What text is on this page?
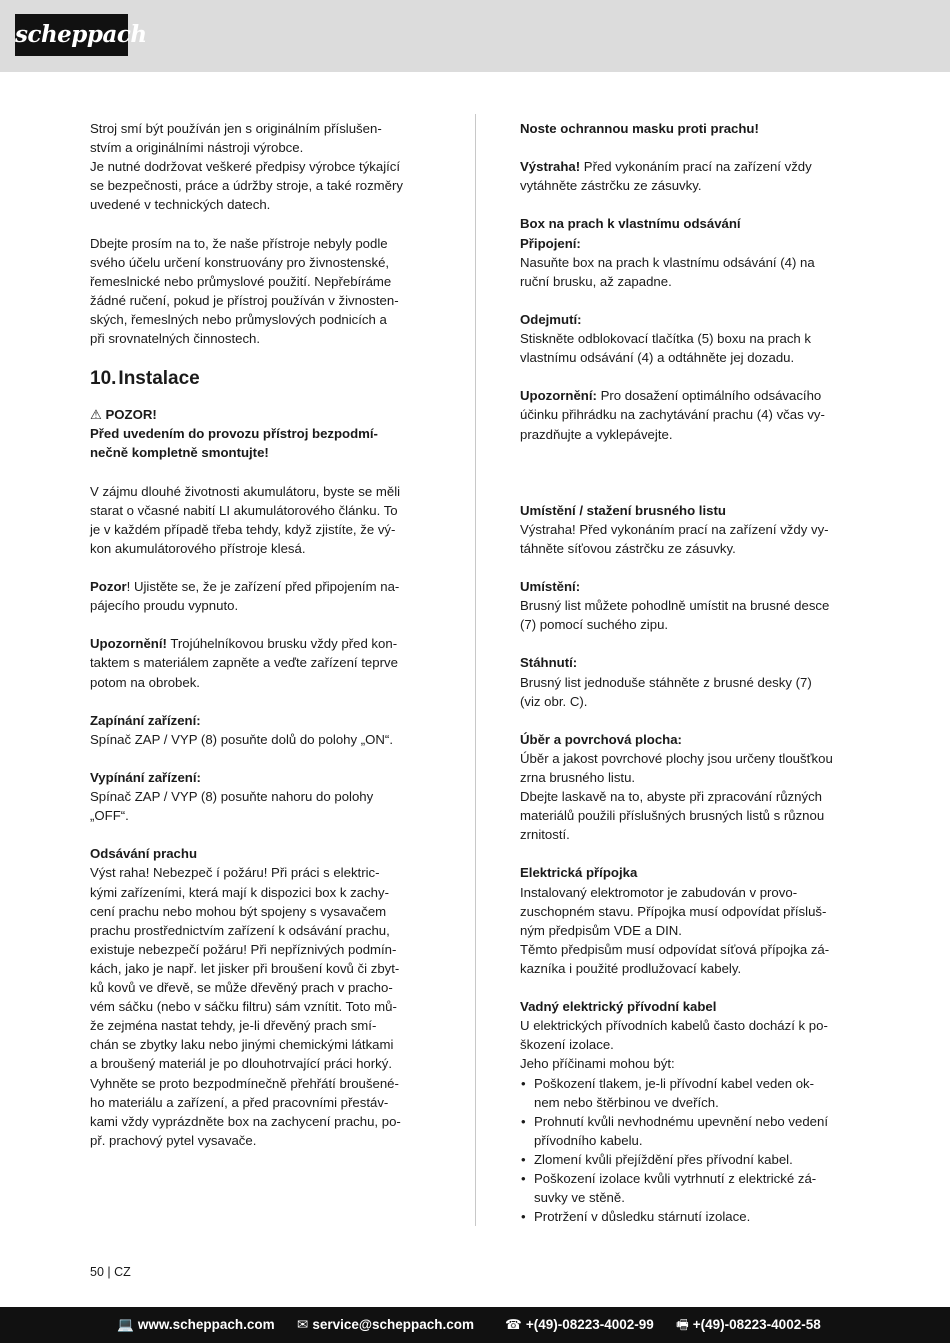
scheppach

Stroj smí být používán jen s originálním příslušen-
stvím a originálními nástroji výrobce.
Je nutné dodržovat veškeré předpisy výrobce týkající
se bezpečnosti, práce a údržby stroje, a také rozměry
uvedené v technických datech.

Dbejte prosím na to, že naše přístroje nebyly podle
svého účelu určení konstruovány pro živnostenské,
řemeslnické nebo průmyslové použití. Nepřebíráme
žádné ručení, pokud je přístroj používán v živnosten-
ských, řemeslných nebo průmyslových podnicích a
při srovnatelných činnostech.

10. Instalace

⚠ POZOR!
Před uvedením do provozu přístroj bezpodmí-
nečně kompletně smontujte!

V zájmu dlouhé životnosti akumulátoru, byste se měli
starat o včasné nabití LI akumulátorového článku. To
je v každém případě třeba tehdy, když zjistíte, že vý-
kon akumulátorového přístroje klesá.

Pozor! Ujistěte se, že je zařízení před připojením na-
pájecího proudu vypnuto.

Upozornění! Trojúhelníkovou brusku vždy před kon-
taktem s materiálem zapněte a veďte zařízení teprve
potom na obrobek.

Zapínání zařízení:
Spínač ZAP / VYP (8) posuňte dolů do polohy „ON“.

Vypínání zařízení:
Spínač ZAP / VYP (8) posuňte nahoru do polohy
„OFF“.

Odsávání prachu
Výst raha! Nebezpeč í požáru! Při práci s elektric-
kými zařízeními, která mají k dispozici box k zachy-
cení prachu nebo mohou být spojeny s vysavačem
prachu prostřednictvím zařízení k odsávání prachu,
existuje nebezpečí požáru! Při nepříznivých podmín-
kách, jako je např. let jisker při broušení kovů či zbyt-
ků kovů ve dřevě, se může dřevěný prach v pracho-
vém sáčku (nebo v sáčku filtru) sám vznítit. Toto mů-
že zejména nastat tehdy, je-li dřevěný prach smí-
chán se zbytky laku nebo jinými chemickými látkami
a broušený materiál je po dlouhotrvající práci horký.
Vyhněte se proto bezpodmínečně přehřátí broušené-
ho materiálu a zařízení, a před pracovními přestáv-
kami vždy vyprázdněte box na zachycení prachu, po-
př. prachový pytel vysavače.

Noste ochrannou masku proti prachu!

Výstraha! Před vykonáním prací na zařízení vždy
vytáhněte zástrčku ze zásuvky.

Box na prach k vlastnímu odsávání
Připojení:
Nasuňte box na prach k vlastnímu odsávání (4) na
ruční brusku, až zapadne.

Odejmutí:
Stiskněte odblokovací tlačítka (5) boxu na prach k
vlastnímu odsávání (4) a odtáhněte jej dozadu.

Upozornění: Pro dosažení optimálního odsávacího
účinku přihrádku na zachytávání prachu (4) včas vy-
prazdňujte a vyklepávejte.

Umístění / stažení brusného listu
Výstraha! Před vykonáním prací na zařízení vždy vy-
táhněte síťovou zástrčku ze zásuvky.

Umístění:
Brusný list můžete pohodlně umístit na brusné desce
(7) pomocí suchého zipu.

Stáhnutí:
Brusný list jednoduše stáhněte z brusné desky (7)
(viz obr. C).

Úběr a povrchová plocha:
Úběr a jakost povrchové plochy jsou určeny tloušťkou
zrna brusného listu.
Dbejte laskavě na to, abyste při zpracování různých
materiálů použili příslušných brusných listů s různou
zrnitostí.

Elektrická přípojka
Instalovaný elektromotor je zabudován v provo-
zuschopném stavu. Přípojka musí odpovídat přísluš-
ným předpisům VDE a DIN.
Těmto předpisům musí odpovídat síťová přípojka zá-
kazníka i použité prodlužovací kabely.

Vadný elektrický přívodní kabel
U elektrických přívodních kabelů často dochází k po-
škození izolace.
Jeho příčinami mohou být:
• Poškození tlakem, je-li přívodní kabel veden ok-
nem nebo štěrbinou ve dveřích.
• Prohnutí kvůli nevhodnému upevnění nebo vedení
přívodního kabelu.
• Zlomení kvůli přejíždění přes přívodní kabel.
• Poškození izolace kvůli vytrhnutí z elektrické zá-
suvky ve stěně.
• Protržení v důsledku stárnutí izolace.
50 | CZ
💻 www.scheppach.com ✉ service@scheppach.com ☎ +(49)-08223-4002-99 🖷 +(49)-08223-4002-58
